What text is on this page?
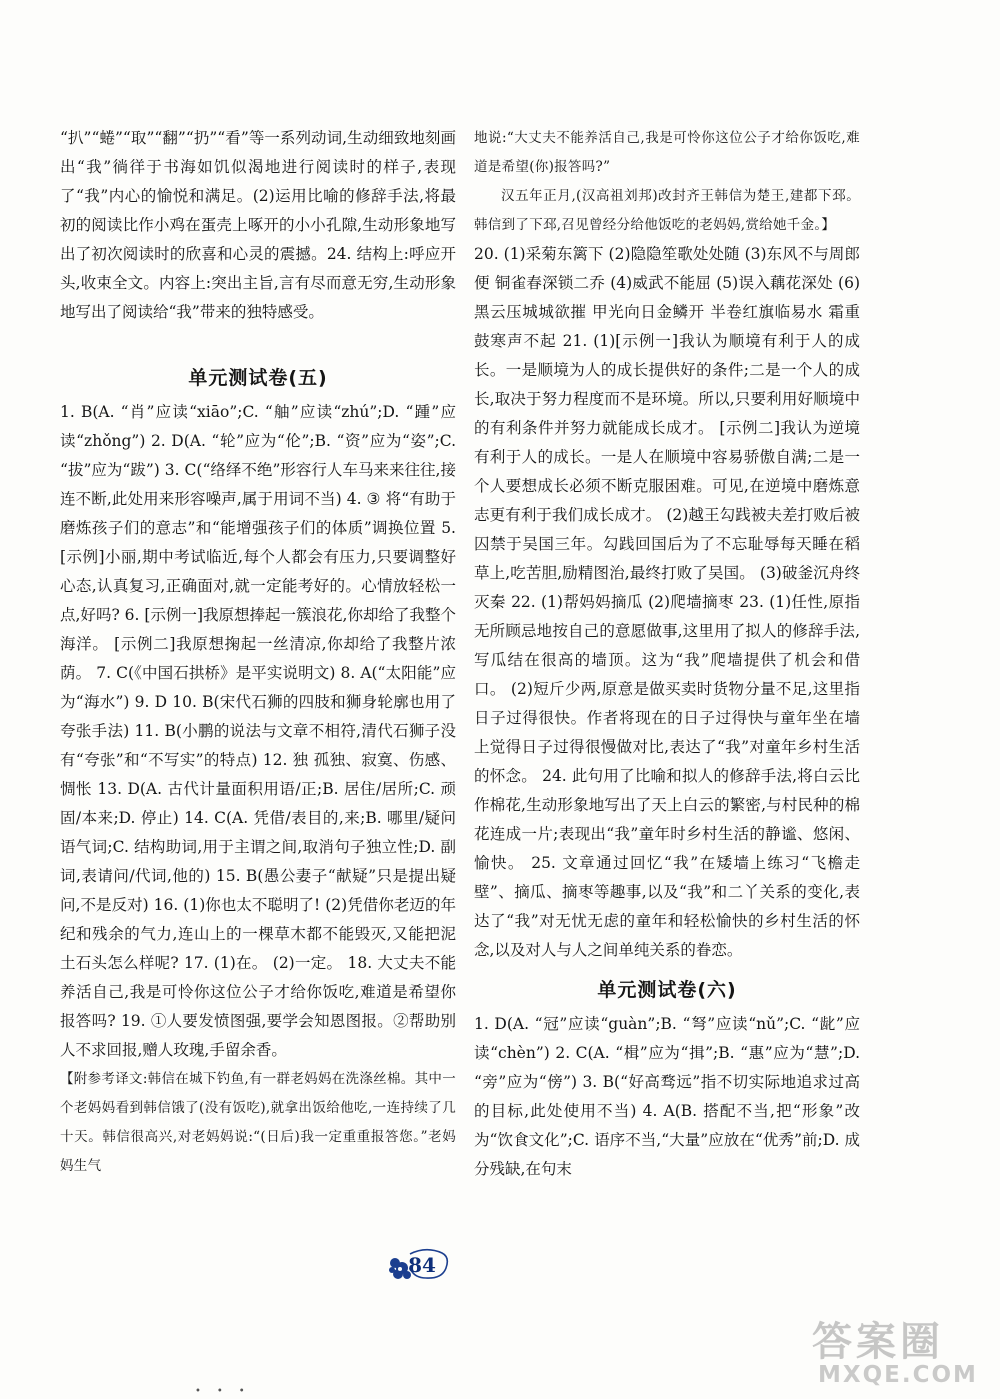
“扒”“蜷”“取”“翻”“扔”“看”等一系列动词,生动细致地刻画出“我”徜徉于书海如饥似渴地进行阅读时的样子,表现了“我”内心的愉悦和满足。(2)运用比喻的修辞手法,将最初的阅读比作小鸡在蛋壳上啄开的小小孔隙,生动形象地写出了初次阅读时的欣喜和心灵的震撼。24. 结构上:呼应开头,收束全文。内容上:突出主旨,言有尽而意无穷,生动形象地写出了阅读给“我”带来的独特感受。

单元测试卷(五)

1. B(A. “肖”应读“xiāo”;C. “舳”应读“zhú”;D. “踵”应读“zhǒng”) 2. D(A. “轮”应为“伦”;B. “资”应为“姿”;C. “拔”应为“跋”) 3. C(“络绎不绝”形容行人车马来来往往,接连不断,此处用来形容噪声,属于用词不当) 4. ③ 将“有助于磨炼孩子们的意志”和“能增强孩子们的体质”调换位置 5. [示例]小丽,期中考试临近,每个人都会有压力,只要调整好心态,认真复习,正确面对,就一定能考好的。心情放轻松一点,好吗? 6. [示例一]我原想捧起一簇浪花,你却给了我整个海洋。 [示例二]我原想掬起一丝清凉,你却给了我整片浓荫。 7. C(《中国石拱桥》是平实说明文) 8. A(“太阳能”应为“海水”) 9. D 10. B(宋代石狮的四肢和狮身轮廓也用了夸张手法) 11. B(小鹏的说法与文章不相符,清代石狮子没有“夸张”和“不写实”的特点) 12. 独 孤独、寂寞、伤感、惆怅 13. D(A. 古代计量面积用语/正;B. 居住/居所;C. 顽固/本来;D. 停止) 14. C(A. 凭借/表目的,来;B. 哪里/疑问语气词;C. 结构助词,用于主谓之间,取消句子独立性;D. 副词,表请问/代词,他的) 15. B(愚公妻子“献疑”只是提出疑问,不是反对) 16. (1)你也太不聪明了! (2)凭借你老迈的年纪和残余的气力,连山上的一棵草木都不能毁灭,又能把泥土石头怎么样呢? 17. (1)在。 (2)一定。 18. 大丈夫不能养活自己,我是可怜你这位公子才给你饭吃,难道是希望你报答吗? 19. ①人要发愤图强,要学会知恩图报。②帮助别人不求回报,赠人玫瑰,手留余香。

【附参考译文:韩信在城下钓鱼,有一群老妈妈在洗涤丝棉。其中一个老妈妈看到韩信饿了(没有饭吃),就拿出饭给他吃,一连持续了几十天。韩信很高兴,对老妈妈说:“(日后)我一定重重报答您。”老妈妈生气

地说:“大丈夫不能养活自己,我是可怜你这位公子才给你饭吃,难道是希望(你)报答吗?”

汉五年正月,(汉高祖刘邦)改封齐王韩信为楚王,建都下邳。韩信到了下邳,召见曾经分给他饭吃的老妈妈,赏给她千金。】

20. (1)采菊东篱下 (2)隐隐笙歌处处随 (3)东风不与周郎便 铜雀春深锁二乔 (4)威武不能屈 (5)误入藕花深处 (6)黑云压城城欲摧 甲光向日金鳞开 半卷红旗临易水 霜重鼓寒声不起 21. (1)[示例一]我认为顺境有利于人的成长。一是顺境为人的成长提供好的条件;二是一个人的成长,取决于努力程度而不是环境。所以,只要利用好顺境中的有利条件并努力就能成长成才。 [示例二]我认为逆境有利于人的成长。一是人在顺境中容易骄傲自满;二是一个人要想成长必须不断克服困难。可见,在逆境中磨炼意志更有利于我们成长成才。 (2)越王勾践被夫差打败后被囚禁于吴国三年。勾践回国后为了不忘耻辱每天睡在稻草上,吃苦胆,励精图治,最终打败了吴国。 (3)破釜沉舟终灭秦 22. (1)帮妈妈摘瓜 (2)爬墙摘枣 23. (1)任性,原指无所顾忌地按自己的意愿做事,这里用了拟人的修辞手法,写瓜结在很高的墙顶。这为“我”爬墙提供了机会和借口。 (2)短斤少两,原意是做买卖时货物分量不足,这里指日子过得很快。作者将现在的日子过得快与童年坐在墙上觉得日子过得很慢做对比,表达了“我”对童年乡村生活的怀念。 24. 此句用了比喻和拟人的修辞手法,将白云比作棉花,生动形象地写出了天上白云的繁密,与村民种的棉花连成一片;表现出“我”童年时乡村生活的静谧、悠闲、愉快。 25. 文章通过回忆“我”在矮墙上练习“飞檐走壁”、摘瓜、摘枣等趣事,以及“我”和二丫关系的变化,表达了“我”对无忧无虑的童年和轻松愉快的乡村生活的怀念,以及对人与人之间单纯关系的眷恋。

单元测试卷(六)

1. D(A. “冠”应读“guàn”;B. “弩”应读“nǔ”;C. “龀”应读“chèn”) 2. C(A. “楫”应为“揖”;B. “惠”应为“慧”;D. “旁”应为“傍”) 3. B(“好高骛远”指不切实际地追求过高的目标,此处使用不当) 4. A(B. 搭配不当,把“形象”改为“饮食文化”;C. 语序不当,“大量”应放在“优秀”前;D. 成分残缺,在句末

84
答案圈
MXQE.COM
•••
